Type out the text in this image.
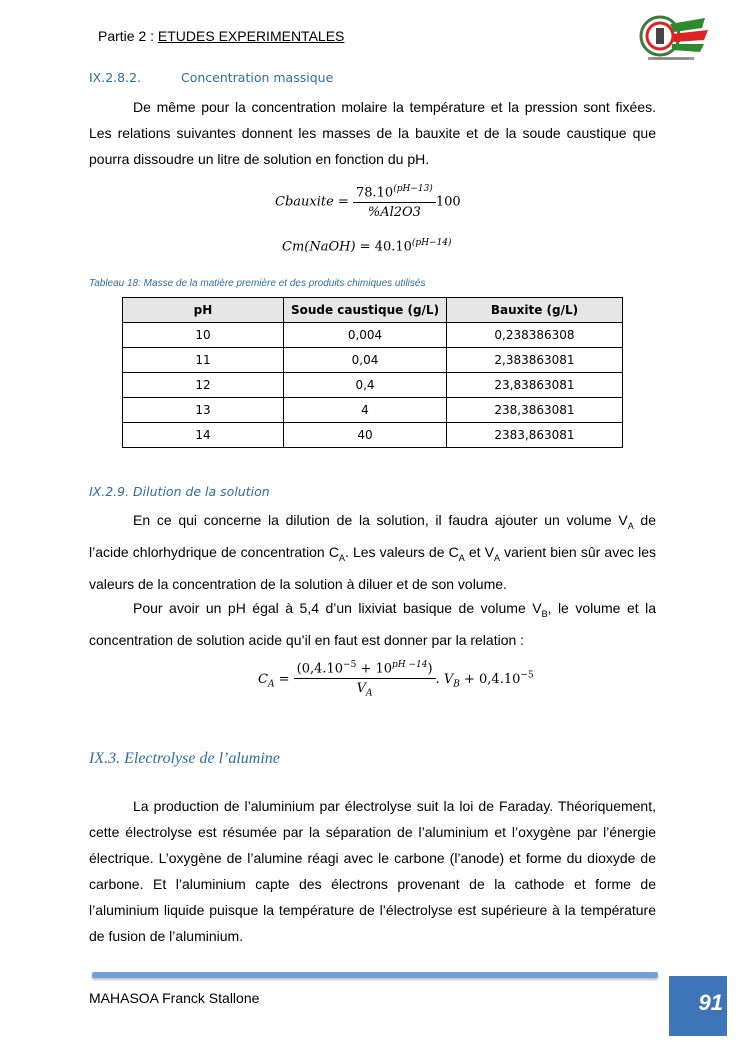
Partie 2 : ETUDES EXPERIMENTALES
Université Polytechnique de Madagascar
IX.2.8.2.	Concentration massique
De même pour la concentration molaire la température et la pression sont fixées. Les relations suivantes donnent les masses de la bauxite et de la soude caustique que pourra dissoudre un litre de solution en fonction du pH.
Cbauxite = $\frac{78.10^{(pH-13)}}{\%Al2O3} 100$
Cm(NaOH) = $40.10^{(pH-14)}$
Tableau 18: Masse de la matière première et des produits chimiques utilisés
pH	Soude caustique (g/L)	Bauxite (g/L)
10	0,004	0,238386308
11	0,04	2,383863081
12	0,4	23,83863081
13	4	238,3863081
14	40	2383,863081
IX.2.9. Dilution de la solution
En ce qui concerne la dilution de la solution, il faudra ajouter un volume $V_A$ de l’acide chlorhydrique de concentration $C_A$. Les valeurs de $C_A$ et $V_A$ varient bien sûr avec les valeurs de la concentration de la solution à diluer et de son volume.
Pour avoir un pH égal à 5,4 d’un lixiviat basique de volume $V_B$, le volume et la concentration de solution acide qu’il en faut est donner par la relation :
$C_A = \frac{(0,4.10^{-5} + 10^{pH -14})}{V_A}$ . $V_B + 0,4.10^{-5}$
IX.3. Electrolyse de l’alumine
La production de l’aluminium par électrolyse suit la loi de Faraday. Théoriquement, cette électrolyse est résumée par la séparation de l’aluminium et l’oxygène par l’énergie électrique. L’oxygène de l’alumine réagi avec le carbone (l’anode) et forme du dioxyde de carbone. Et l’aluminium capte des électrons provenant de la cathode et forme de l’aluminium liquide puisque la température de l’électrolyse est supérieure à la température de fusion de l’aluminium.
MAHASOA Franck Stallone	91
